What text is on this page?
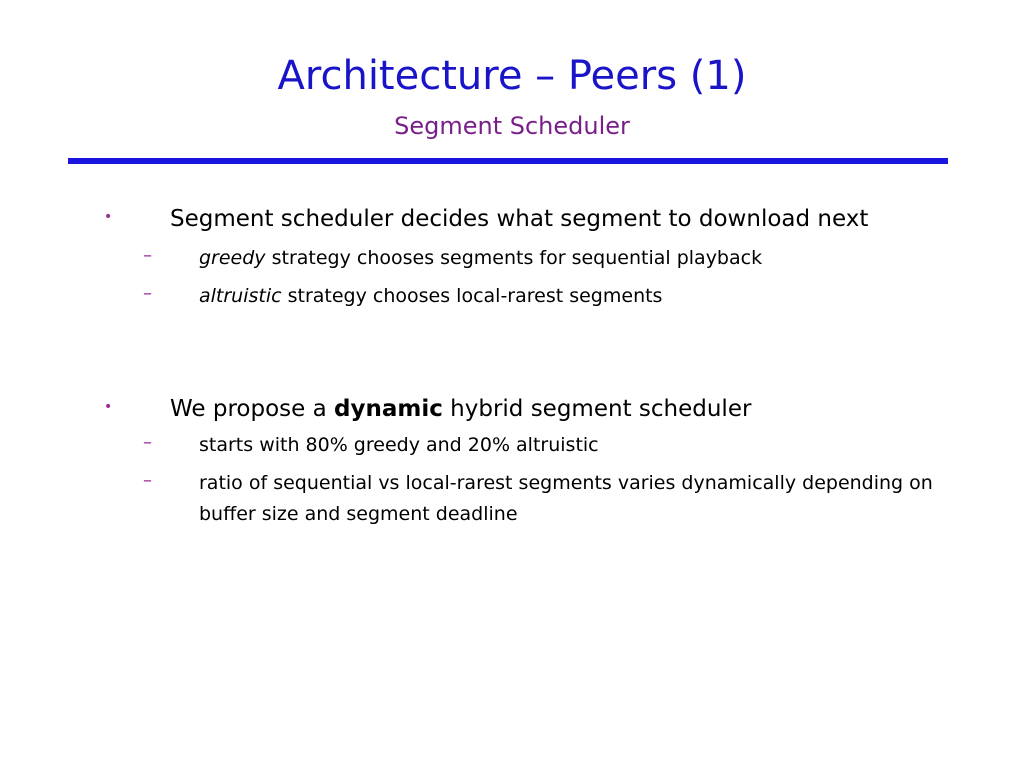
Architecture – Peers (1)
Segment Scheduler
•	Segment scheduler decides what segment to download next
– greedy strategy chooses segments for sequential playback
– altruistic strategy chooses local-rarest segments
•	We propose a dynamic hybrid segment scheduler
– starts with 80% greedy and 20% altruistic
– ratio of sequential vs local-rarest segments varies dynamically depending on buffer size and segment deadline
